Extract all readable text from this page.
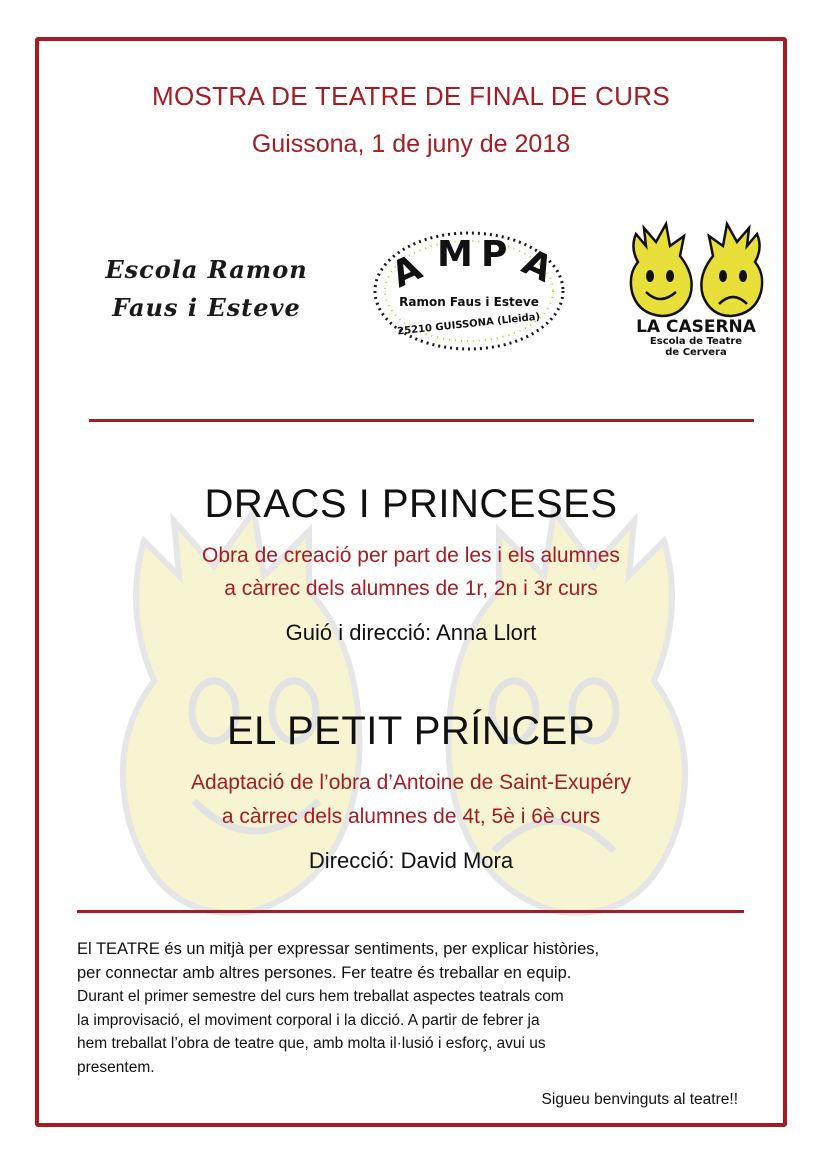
MOSTRA DE TEATRE DE FINAL DE CURS
Guissona, 1 de juny de 2018
Escola Ramon
Faus i Esteve
A M P A
Ramon Faus i Esteve
25210 GUISSONA (Lleida)	LA CASERNA
Escola de Teatre
de Cervera
DRACS I PRINCESES
Obra de creació per part de les i els alumnes
a càrrec dels alumnes de 1r, 2n i 3r curs
Guió i direcció: Anna Llort
EL PETIT PRÍNCEP
Adaptació de l’obra d’Antoine de Saint-Exupéry
a càrrec dels alumnes de 4t, 5è i 6è curs
Direcció: David Mora
El TEATRE és un mitjà per expressar sentiments, per explicar històries,
per connectar amb altres persones. Fer teatre és treballar en equip.
Durant el primer semestre del curs hem treballat aspectes teatrals com
la improvisació, el moviment corporal i la dicció. A partir de febrer ja
hem treballat l’obra de teatre que, amb molta il·lusió i esforç, avui us
presentem.
Sigueu benvinguts al teatre!!
